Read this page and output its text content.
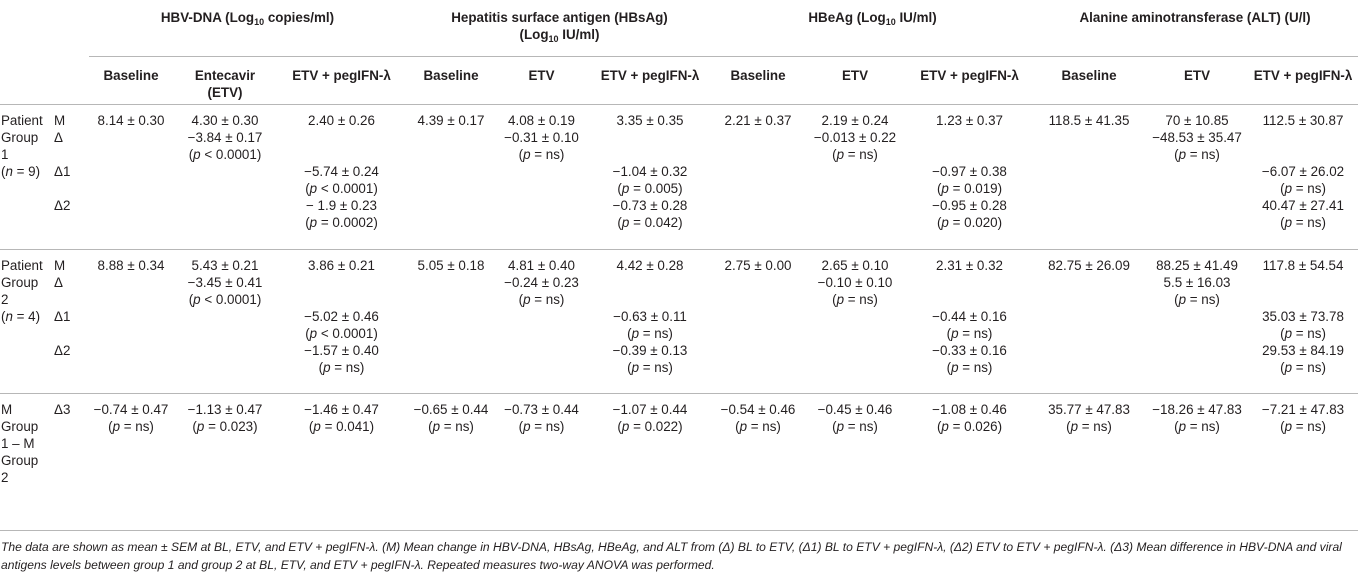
		HBV-DNA (Log$_{10}$ copies/ml)			Hepatitis surface antigen (HBsAg)
(Log$_{10}$ IU/ml)			HBeAg (Log$_{10}$ IU/ml)			Alanine aminotransferase (ALT) (U/l)		
		Baseline	Entecavir
(ETV)	ETV + pegIFN-λ	Baseline	ETV	ETV + pegIFN-λ	Baseline	ETV	ETV + pegIFN-λ	Baseline	ETV	ETV + pegIFN-λ

Patient
Group
1
(n = 9)	M
Δ	8.14 ± 0.30	4.30 ± 0.30
−3.84 ± 0.17
(p < 0.0001)	2.40 ± 0.26	4.39 ± 0.17	4.08 ± 0.19
−0.31 ± 0.10
(p = ns)	3.35 ± 0.35	2.21 ± 0.37	2.19 ± 0.24
−0.013 ± 0.22
(p = ns)	1.23 ± 0.37	118.5 ± 41.35	70 ± 10.85
−48.53 ± 35.47
(p = ns)	112.5 ± 30.87
	Δ1			−5.74 ± 0.24
(p < 0.0001)			−1.04 ± 0.32
(p = 0.005)			−0.97 ± 0.38
(p = 0.019)			−6.07 ± 26.02
(p = ns)

	Δ2			− 1.9 ± 0.23
(p = 0.0002)			−0.73 ± 0.28
(p = 0.042)			−0.95 ± 0.28
(p = 0.020)			40.47 ± 27.41
(p = ns)

Patient
Group
2
(n = 4)	M
Δ	8.88 ± 0.34	5.43 ± 0.21
−3.45 ± 0.41
(p < 0.0001)	3.86 ± 0.21	5.05 ± 0.18	4.81 ± 0.40
−0.24 ± 0.23
(p = ns)	4.42 ± 0.28	2.75 ± 0.00	2.65 ± 0.10
−0.10 ± 0.10
(p = ns)	2.31 ± 0.32	82.75 ± 26.09	88.25 ± 41.49
5.5 ± 16.03
(p = ns)	117.8 ± 54.54
	Δ1			−5.02 ± 0.46
(p < 0.0001)			−0.63 ± 0.11
(p = ns)			−0.44 ± 0.16
(p = ns)			35.03 ± 73.78
(p = ns)

	Δ2			−1.57 ± 0.40
(p = ns)			−0.39 ± 0.13
(p = ns)			−0.33 ± 0.16
(p = ns)			29.53 ± 84.19
(p = ns)

M
Group
1 – M
Group
2	Δ3	−0.74 ± 0.47
(p = ns)	−1.13 ± 0.47
(p = 0.023)	−1.46 ± 0.47
(p = 0.041)	−0.65 ± 0.44
(p = ns)	−0.73 ± 0.44
(p = ns)	−1.07 ± 0.44
(p = 0.022)	−0.54 ± 0.46
(p = ns)	−0.45 ± 0.46
(p = ns)	−1.08 ± 0.46
(p = 0.026)	35.77 ± 47.83
(p = ns)	−18.26 ± 47.83
(p = ns)	−7.21 ± 47.83
(p = ns)
The data are shown as mean ± SEM at BL, ETV, and ETV + pegIFN-λ. (M) Mean change in HBV-DNA, HBsAg, HBeAg, and ALT from (Δ) BL to ETV, (Δ1) BL to ETV + pegIFN-λ, (Δ2) ETV to ETV + pegIFN-λ. (Δ3) Mean difference in HBV-DNA and viral antigens levels between group 1 and group 2 at BL, ETV, and ETV + pegIFN-λ. Repeated measures two-way ANOVA was performed.
